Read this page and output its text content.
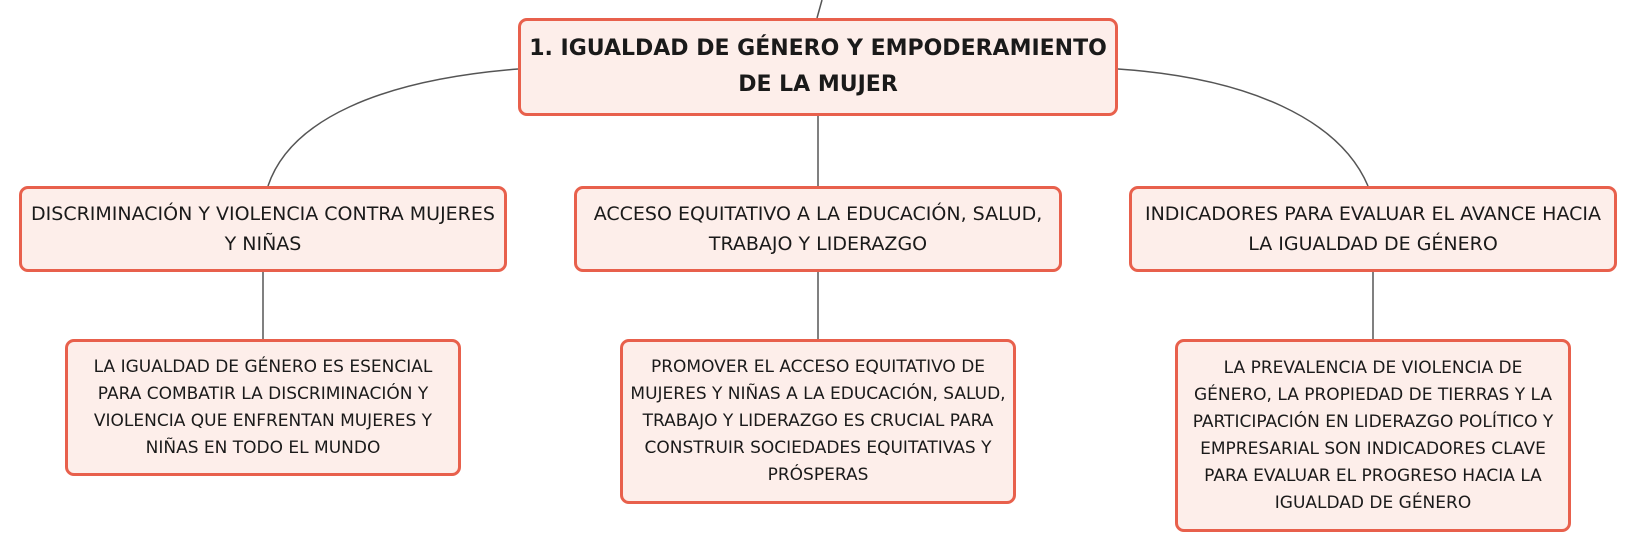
1. IGUALDAD DE GÉNERO Y EMPODERAMIENTO DE LA MUJER
DISCRIMINACIÓN Y VIOLENCIA CONTRA MUJERES Y NIÑAS
ACCESO EQUITATIVO A LA EDUCACIÓN, SALUD, TRABAJO Y LIDERAZGO
INDICADORES PARA EVALUAR EL AVANCE HACIA LA IGUALDAD DE GÉNERO
LA IGUALDAD DE GÉNERO ES ESENCIAL PARA COMBATIR LA DISCRIMINACIÓN Y VIOLENCIA QUE ENFRENTAN MUJERES Y NIÑAS EN TODO EL MUNDO
PROMOVER EL ACCESO EQUITATIVO DE MUJERES Y NIÑAS A LA EDUCACIÓN, SALUD, TRABAJO Y LIDERAZGO ES CRUCIAL PARA CONSTRUIR SOCIEDADES EQUITATIVAS Y PRÓSPERAS
LA PREVALENCIA DE VIOLENCIA DE GÉNERO, LA PROPIEDAD DE TIERRAS Y LA PARTICIPACIÓN EN LIDERAZGO POLÍTICO Y EMPRESARIAL SON INDICADORES CLAVE PARA EVALUAR EL PROGRESO HACIA LA IGUALDAD DE GÉNERO
